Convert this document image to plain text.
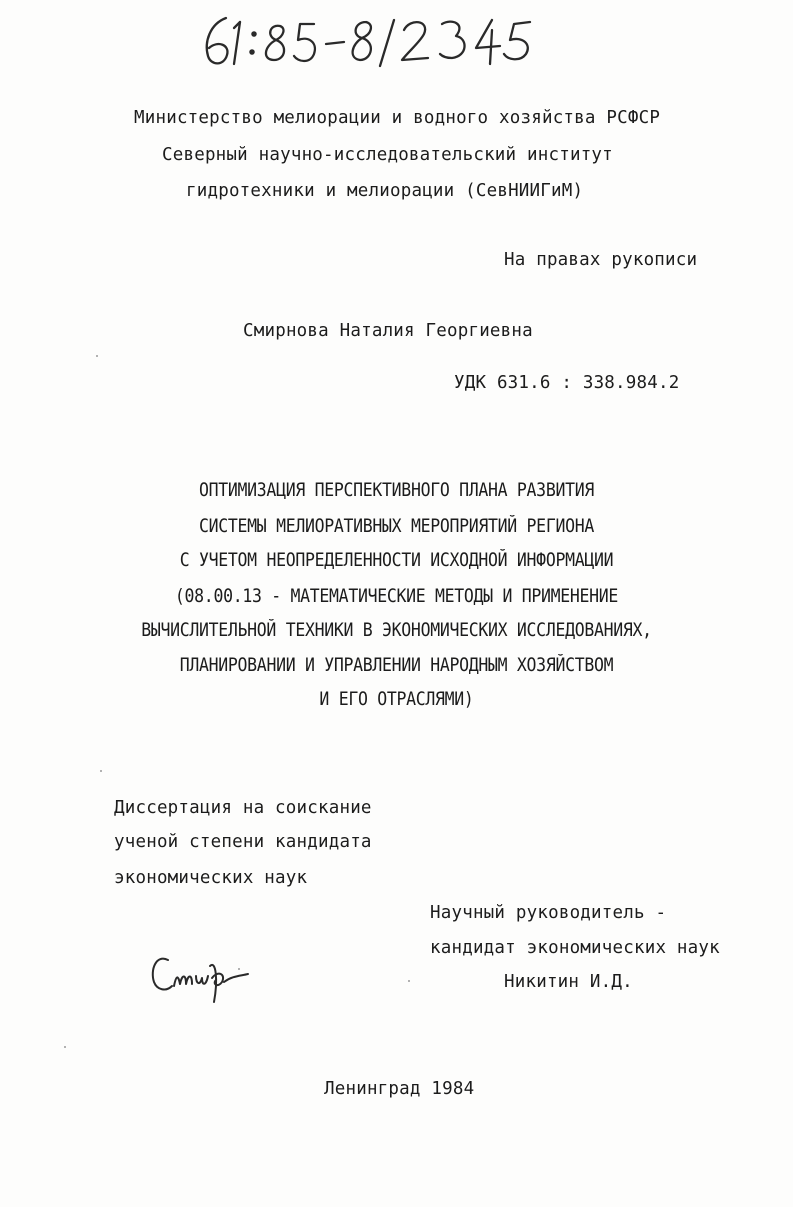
Министерство мелиорации и водного хозяйства РСФСР
Северный научно-исследовательский институт
гидротехники и мелиорации (СевНИИГиМ)
На правах рукописи
Смирнова Наталия Георгиевна
УДК 631.6 : 338.984.2
ОПТИМИЗАЦИЯ ПЕРСПЕКТИВНОГО ПЛАНА РАЗВИТИЯ
СИСТЕМЫ МЕЛИОРАТИВНЫХ МЕРОПРИЯТИЙ РЕГИОНА
С УЧЕТОМ НЕОПРЕДЕЛЕННОСТИ ИСХОДНОЙ ИНФОРМАЦИИ
(08.00.13 - МАТЕМАТИЧЕСКИЕ МЕТОДЫ И ПРИМЕНЕНИЕ
ВЫЧИСЛИТЕЛЬНОЙ ТЕХНИКИ В ЭКОНОМИЧЕСКИХ ИССЛЕДОВАНИЯХ,
ПЛАНИРОВАНИИ И УПРАВЛЕНИИ НАРОДНЫМ ХОЗЯЙСТВОМ
И ЕГО ОТРАСЛЯМИ)
Диссертация на соискание
ученой степени кандидата
экономических наук
Научный руководитель -
кандидат экономических наук
Никитин И.Д.
Ленинград 1984
